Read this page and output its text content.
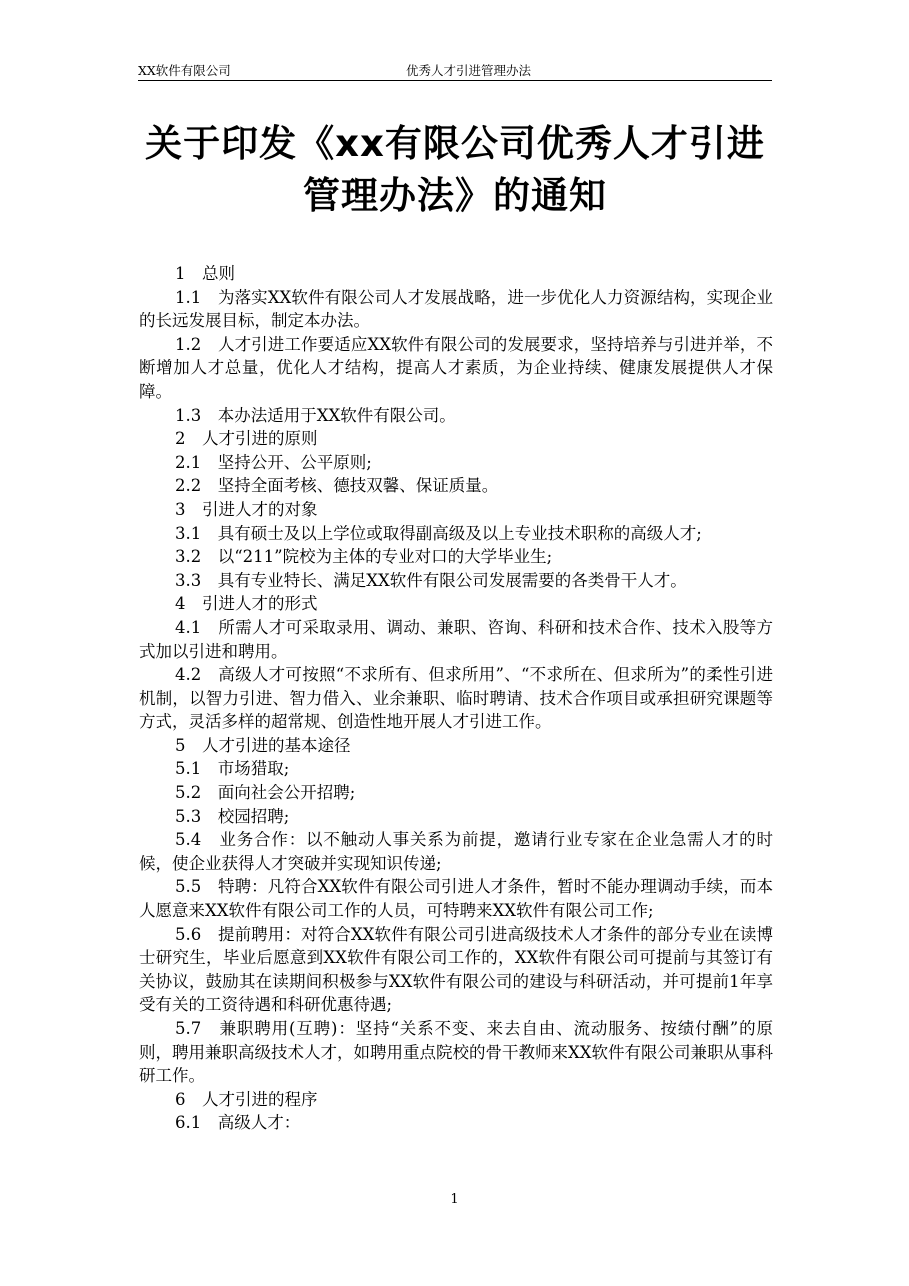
XX软件有限公司	优秀人才引进管理办法
关于印发《xx有限公司优秀人才引进管理办法》的通知

1　总则

1.1　为落实XX软件有限公司人才发展战略，进一步优化人力资源结构，实现企业的长远发展目标，制定本办法。

1.2　人才引进工作要适应XX软件有限公司的发展要求，坚持培养与引进并举，不断增加人才总量，优化人才结构，提高人才素质，为企业持续、健康发展提供人才保障。

1.3　本办法适用于XX软件有限公司。

2　人才引进的原则

2.1　坚持公开、公平原则;

2.2　坚持全面考核、德技双馨、保证质量。

3　引进人才的对象

3.1　具有硕士及以上学位或取得副高级及以上专业技术职称的高级人才;

3.2　以“211”院校为主体的专业对口的大学毕业生;

3.3　具有专业特长、满足XX软件有限公司发展需要的各类骨干人才。

4　引进人才的形式

4.1　所需人才可采取录用、调动、兼职、咨询、科研和技术合作、技术入股等方式加以引进和聘用。

4.2　高级人才可按照“不求所有、但求所用”、“不求所在、但求所为”的柔性引进机制，以智力引进、智力借入、业余兼职、临时聘请、技术合作项目或承担研究课题等方式，灵活多样的超常规、创造性地开展人才引进工作。

5　人才引进的基本途径

5.1　市场猎取;

5.2　面向社会公开招聘;

5.3　校园招聘;

5.4　业务合作：以不触动人事关系为前提，邀请行业专家在企业急需人才的时候，使企业获得人才突破并实现知识传递;

5.5　特聘：凡符合XX软件有限公司引进人才条件，暂时不能办理调动手续，而本人愿意来XX软件有限公司工作的人员，可特聘来XX软件有限公司工作;

5.6　提前聘用：对符合XX软件有限公司引进高级技术人才条件的部分专业在读博士研究生，毕业后愿意到XX软件有限公司工作的，XX软件有限公司可提前与其签订有关协议，鼓励其在读期间积极参与XX软件有限公司的建设与科研活动，并可提前1年享受有关的工资待遇和科研优惠待遇;

5.7　兼职聘用(互聘)：坚持“关系不变、来去自由、流动服务、按绩付酬”的原则，聘用兼职高级技术人才，如聘用重点院校的骨干教师来XX软件有限公司兼职从事科研工作。

6　人才引进的程序

6.1　高级人才：

1
